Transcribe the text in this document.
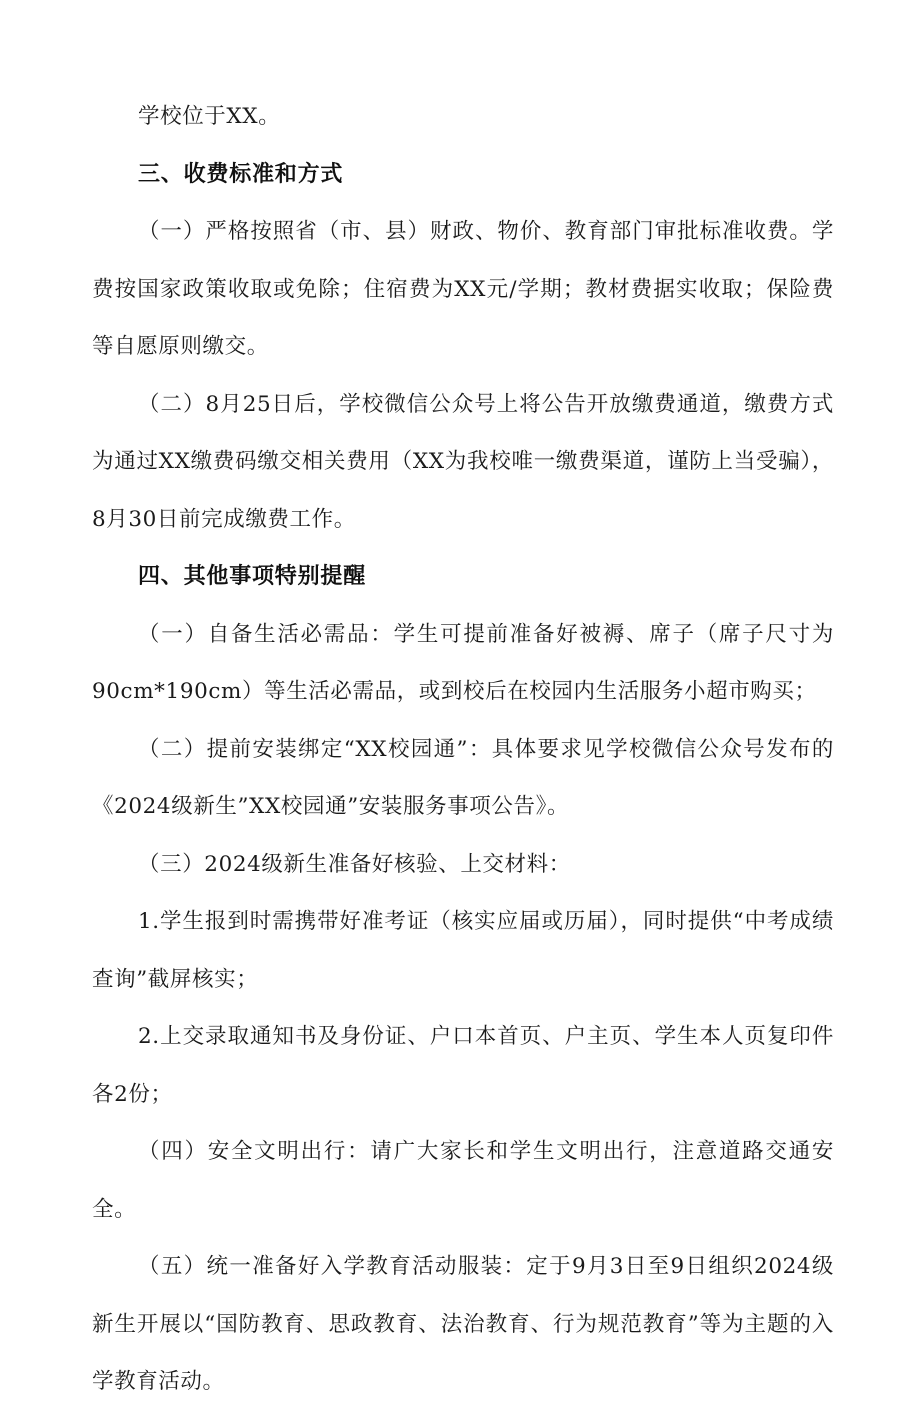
学校位于XX。

三、收费标准和方式

（一）严格按照省（市、县）财政、物价、教育部门审批标准收费。学费按国家政策收取或免除；住宿费为XX元/学期；教材费据实收取；保险费等自愿原则缴交。

（二）8月25日后，学校微信公众号上将公告开放缴费通道，缴费方式为通过XX缴费码缴交相关费用（XX为我校唯一缴费渠道，谨防上当受骗），8月30日前完成缴费工作。

四、其他事项特别提醒

（一）自备生活必需品：学生可提前准备好被褥、席子（席子尺寸为90cm*190cm）等生活必需品，或到校后在校园内生活服务小超市购买；

（二）提前安装绑定“XX校园通”：具体要求见学校微信公众号发布的《2024级新生”XX校园通”安装服务事项公告》。

（三）2024级新生准备好核验、上交材料：

1.学生报到时需携带好准考证（核实应届或历届），同时提供“中考成绩查询”截屏核实；

2.上交录取通知书及身份证、户口本首页、户主页、学生本人页复印件各2份；

（四）安全文明出行：请广大家长和学生文明出行，注意道路交通安全。

（五）统一准备好入学教育活动服装：定于9月3日至9日组织2024级新生开展以“国防教育、思政教育、法治教育、行为规范教育”等为主题的入学教育活动。
